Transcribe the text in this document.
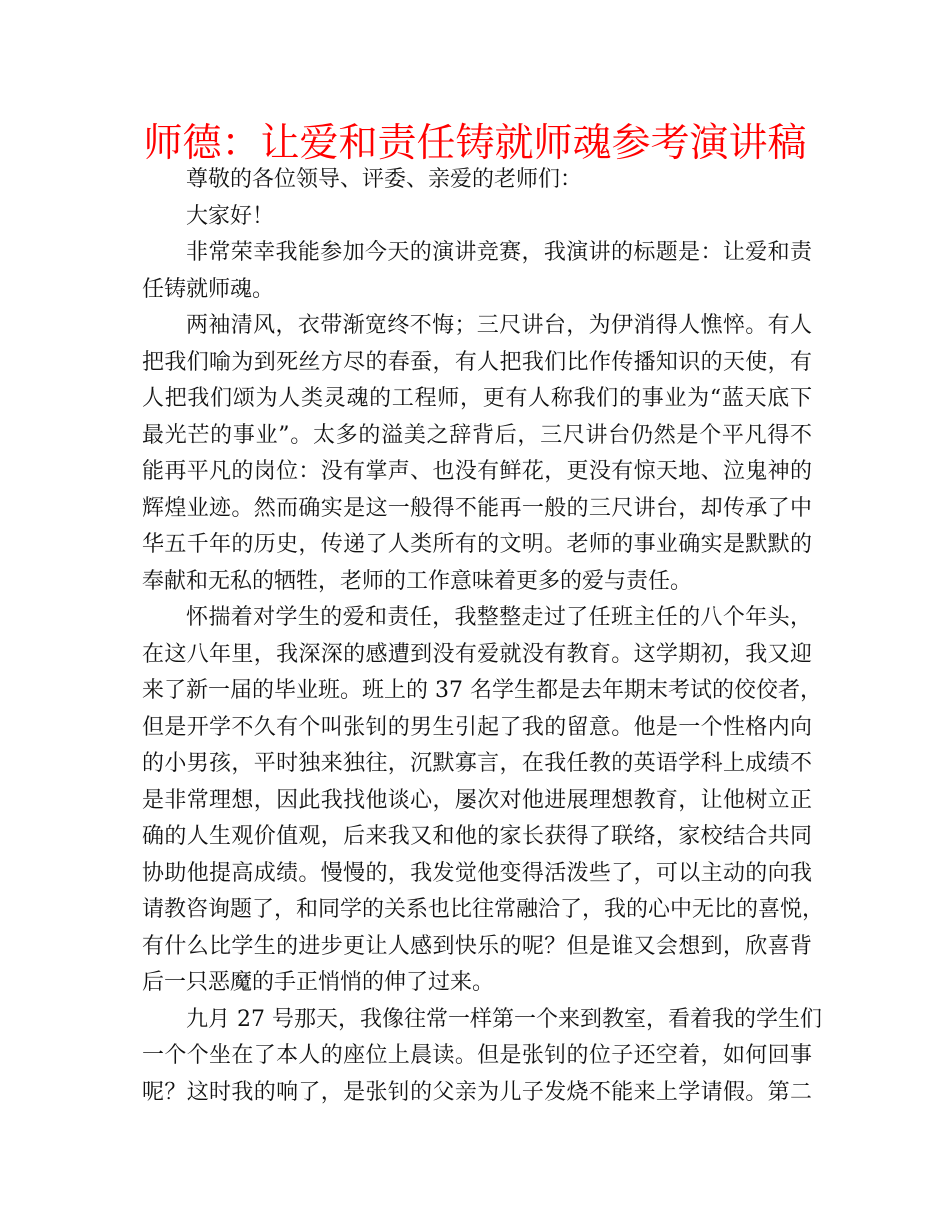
师德：让爱和责任铸就师魂参考演讲稿
尊敬的各位领导、评委、亲爱的老师们：
大家好！
非常荣幸我能参加今天的演讲竞赛，我演讲的标题是：让爱和责
任铸就师魂。
两袖清风，衣带渐宽终不悔；三尺讲台，为伊消得人憔悴。有人
把我们喻为到死丝方尽的春蚕，有人把我们比作传播知识的天使，有
人把我们颂为人类灵魂的工程师，更有人称我们的事业为“蓝天底下
最光芒的事业”。太多的溢美之辞背后，三尺讲台仍然是个平凡得不
能再平凡的岗位：没有掌声、也没有鲜花，更没有惊天地、泣鬼神的
辉煌业迹。然而确实是这一般得不能再一般的三尺讲台，却传承了中
华五千年的历史，传递了人类所有的文明。老师的事业确实是默默的
奉献和无私的牺牲，老师的工作意味着更多的爱与责任。
怀揣着对学生的爱和责任，我整整走过了任班主任的八个年头，
在这八年里，我深深的感遭到没有爱就没有教育。这学期初，我又迎
来了新一届的毕业班。班上的 37 名学生都是去年期末考试的佼佼者，
但是开学不久有个叫张钊的男生引起了我的留意。他是一个性格内向
的小男孩，平时独来独往，沉默寡言，在我任教的英语学科上成绩不
是非常理想，因此我找他谈心，屡次对他进展理想教育，让他树立正
确的人生观价值观，后来我又和他的家长获得了联络，家校结合共同
协助他提高成绩。慢慢的，我发觉他变得活泼些了，可以主动的向我
请教咨询题了，和同学的关系也比往常融洽了，我的心中无比的喜悦，
有什么比学生的进步更让人感到快乐的呢？但是谁又会想到，欣喜背
后一只恶魔的手正悄悄的伸了过来。
九月 27 号那天，我像往常一样第一个来到教室，看着我的学生们
一个个坐在了本人的座位上晨读。但是张钊的位子还空着，如何回事
呢？这时我的响了，是张钊的父亲为儿子发烧不能来上学请假。第二
